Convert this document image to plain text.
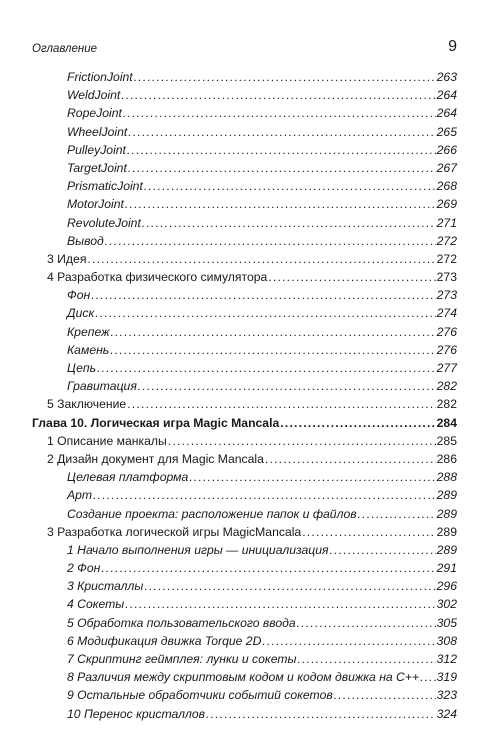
Оглавление	9
FrictionJoint .....	263
WeldJoint .....	264
RopeJoint .....	264
WheelJoint .....	265
PulleyJoint .....	266
TargetJoint .....	267
PrismaticJoint .....	268
MotorJoint .....	269
RevoluteJoint .....	271
Вывод .....	272
3 Идея .....	272
4 Разработка физического симулятора .....	273
Фон .....	273
Диск .....	274
Крепеж .....	276
Камень .....	276
Цепь .....	277
Гравитация .....	282
5 Заключение .....	282
Глава 10. Логическая игра Magic Mancala .....	284
1 Описание манкалы .....	285
2 Дизайн документ для Magic Mancala .....	286
Целевая платформа .....	288
Арт .....	289
Создание проекта: расположение папок и файлов .....	289
3 Разработка логической игры MagicMancala .....	289
1 Начало выполнения игры — инициализация .....	289
2 Фон .....	291
3 Кристаллы .....	296
4 Сокеты .....	302
5 Обработка пользовательского ввода .....	305
6 Модификация движка Torque 2D .....	308
7 Скриптинг геймплея: лунки и сокеты .....	312
8 Различия между скриптовым кодом и кодом движка на C++ ..... 319
9 Остальные обработчики событий сокетов .....	323
10 Перенос кристаллов .....	324
